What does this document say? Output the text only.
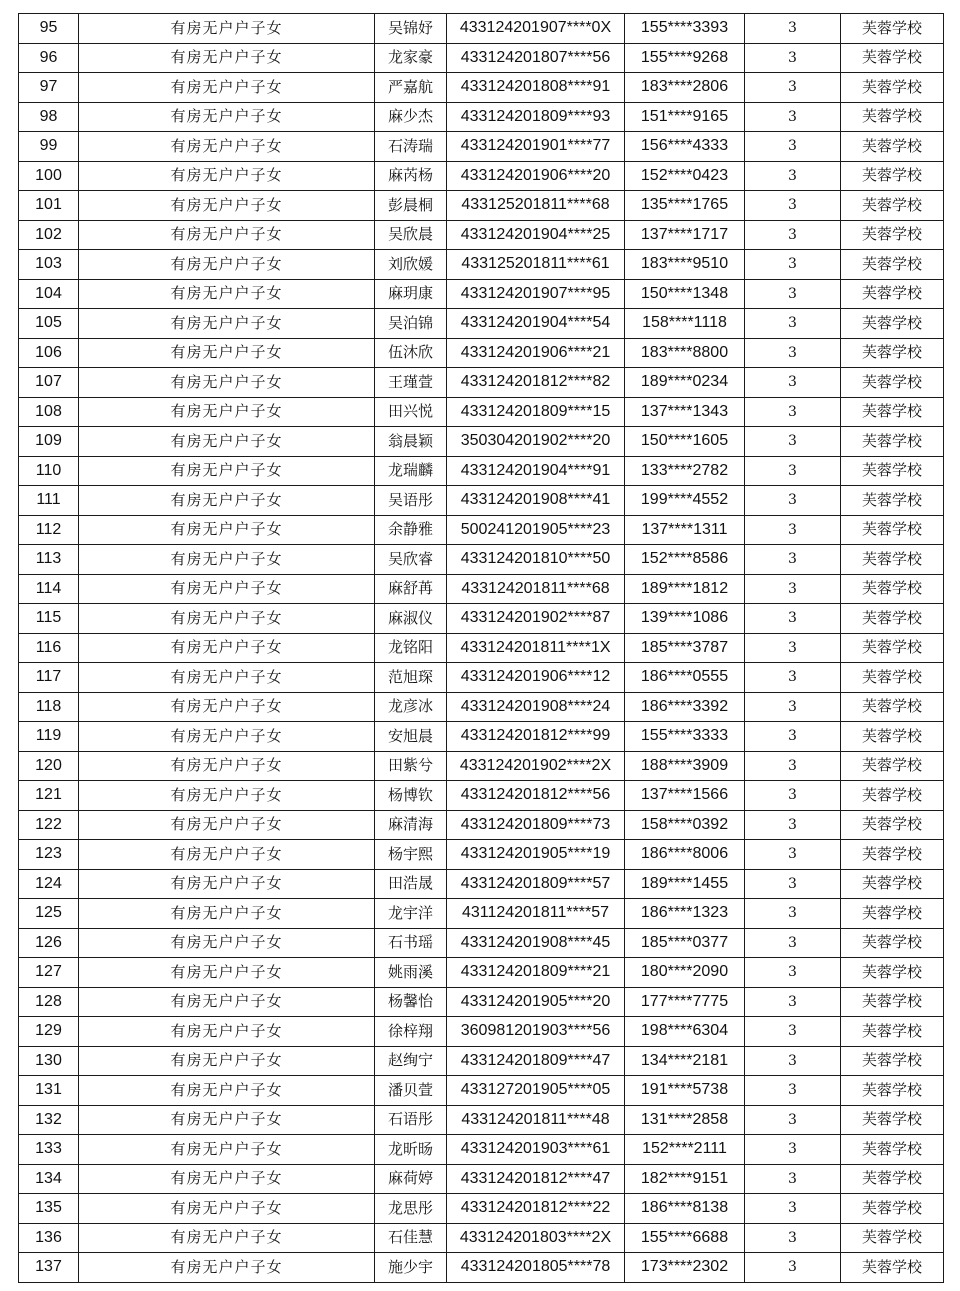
95	有房无户户子女	吴锦妤	433124201907****0X	155****3393	3	芙蓉学校
96	有房无户户子女	龙家豪	433124201807****56	155****9268	3	芙蓉学校
97	有房无户户子女	严嘉航	433124201808****91	183****2806	3	芙蓉学校
98	有房无户户子女	麻少杰	433124201809****93	151****9165	3	芙蓉学校
99	有房无户户子女	石涛瑞	433124201901****77	156****4333	3	芙蓉学校
100	有房无户户子女	麻芮杨	433124201906****20	152****0423	3	芙蓉学校
101	有房无户户子女	彭晨桐	433125201811****68	135****1765	3	芙蓉学校
102	有房无户户子女	吴欣晨	433124201904****25	137****1717	3	芙蓉学校
103	有房无户户子女	刘欣媛	433125201811****61	183****9510	3	芙蓉学校
104	有房无户户子女	麻玥康	433124201907****95	150****1348	3	芙蓉学校
105	有房无户户子女	吴泊锦	433124201904****54	158****1118	3	芙蓉学校
106	有房无户户子女	伍沐欣	433124201906****21	183****8800	3	芙蓉学校
107	有房无户户子女	王瑾萱	433124201812****82	189****0234	3	芙蓉学校
108	有房无户户子女	田兴悦	433124201809****15	137****1343	3	芙蓉学校
109	有房无户户子女	翁晨颖	350304201902****20	150****1605	3	芙蓉学校
110	有房无户户子女	龙瑞麟	433124201904****91	133****2782	3	芙蓉学校
111	有房无户户子女	吴语彤	433124201908****41	199****4552	3	芙蓉学校
112	有房无户户子女	余静雅	500241201905****23	137****1311	3	芙蓉学校
113	有房无户户子女	吴欣睿	433124201810****50	152****8586	3	芙蓉学校
114	有房无户户子女	麻舒苒	433124201811****68	189****1812	3	芙蓉学校
115	有房无户户子女	麻淑仪	433124201902****87	139****1086	3	芙蓉学校
116	有房无户户子女	龙铭阳	433124201811****1X	185****3787	3	芙蓉学校
117	有房无户户子女	范旭琛	433124201906****12	186****0555	3	芙蓉学校
118	有房无户户子女	龙彦冰	433124201908****24	186****3392	3	芙蓉学校
119	有房无户户子女	安旭晨	433124201812****99	155****3333	3	芙蓉学校
120	有房无户户子女	田紫兮	433124201902****2X	188****3909	3	芙蓉学校
121	有房无户户子女	杨博钦	433124201812****56	137****1566	3	芙蓉学校
122	有房无户户子女	麻清海	433124201809****73	158****0392	3	芙蓉学校
123	有房无户户子女	杨宇熙	433124201905****19	186****8006	3	芙蓉学校
124	有房无户户子女	田浩晟	433124201809****57	189****1455	3	芙蓉学校
125	有房无户户子女	龙宇洋	431124201811****57	186****1323	3	芙蓉学校
126	有房无户户子女	石书瑶	433124201908****45	185****0377	3	芙蓉学校
127	有房无户户子女	姚雨溪	433124201809****21	180****2090	3	芙蓉学校
128	有房无户户子女	杨馨怡	433124201905****20	177****7775	3	芙蓉学校
129	有房无户户子女	徐梓翔	360981201903****56	198****6304	3	芙蓉学校
130	有房无户户子女	赵绚宁	433124201809****47	134****2181	3	芙蓉学校
131	有房无户户子女	潘贝萱	433127201905****05	191****5738	3	芙蓉学校
132	有房无户户子女	石语彤	433124201811****48	131****2858	3	芙蓉学校
133	有房无户户子女	龙昕旸	433124201903****61	152****2111	3	芙蓉学校
134	有房无户户子女	麻荷婷	433124201812****47	182****9151	3	芙蓉学校
135	有房无户户子女	龙思彤	433124201812****22	186****8138	3	芙蓉学校
136	有房无户户子女	石佳慧	433124201803****2X	155****6688	3	芙蓉学校
137	有房无户户子女	施少宇	433124201805****78	173****2302	3	芙蓉学校
